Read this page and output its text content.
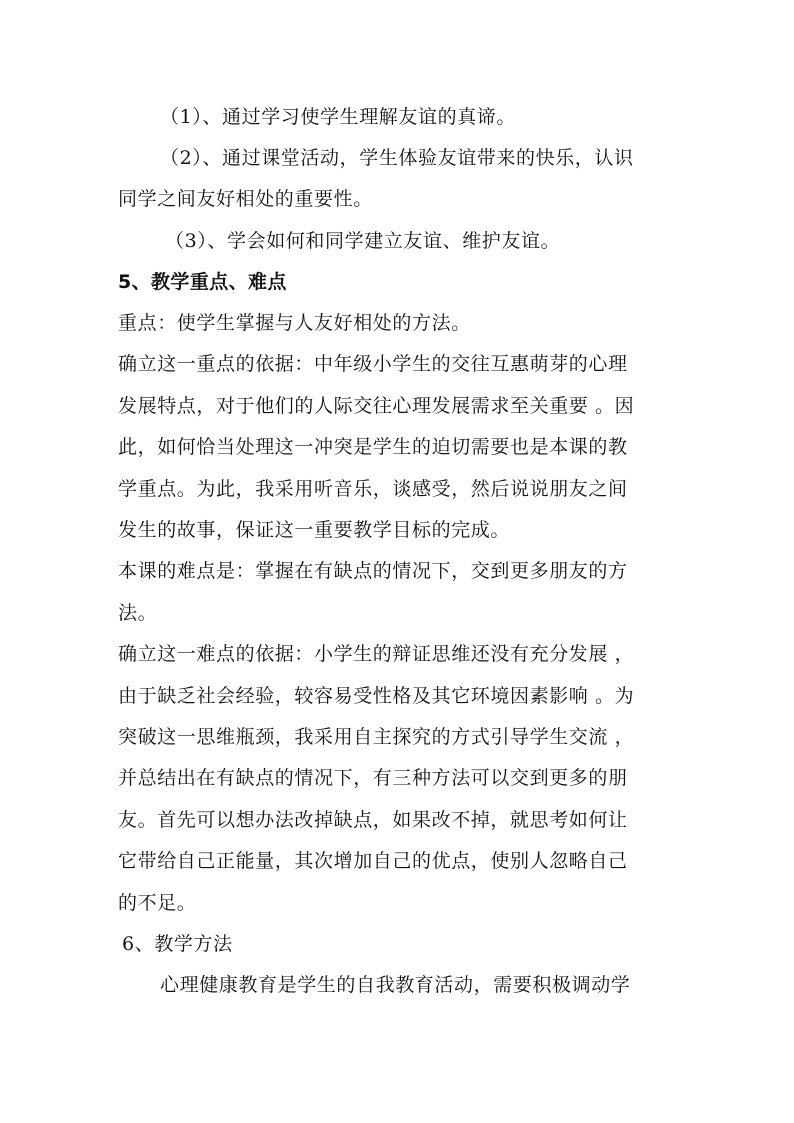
（1）、通过学习使学生理解友谊的真谛。
（2）、通过课堂活动，学生体验友谊带来的快乐，认识
同学之间友好相处的重要性。
（3）、学会如何和同学建立友谊、维护友谊。
5、教学重点、难点
重点：使学生掌握与人友好相处的方法。
确立这一重点的依据：中年级小学生的交往互惠萌芽的心理
发展特点，对于他们的人际交往心理发展需求至关重要 。因
此，如何恰当处理这一冲突是学生的迫切需要也是本课的教
学重点。为此，我采用听音乐，谈感受，然后说说朋友之间
发生的故事，保证这一重要教学目标的完成。
本课的难点是：掌握在有缺点的情况下，交到更多朋友的方
法。
确立这一难点的依据：小学生的辩证思维还没有充分发展 ，
由于缺乏社会经验，较容易受性格及其它环境因素影响 。为
突破这一思维瓶颈，我采用自主探究的方式引导学生交流 ，
并总结出在有缺点的情况下，有三种方法可以交到更多的朋
友。首先可以想办法改掉缺点，如果改不掉，就思考如何让
它带给自己正能量，其次增加自己的优点，使别人忽略自己
的不足。
6、教学方法
心理健康教育是学生的自我教育活动，需要积极调动学
